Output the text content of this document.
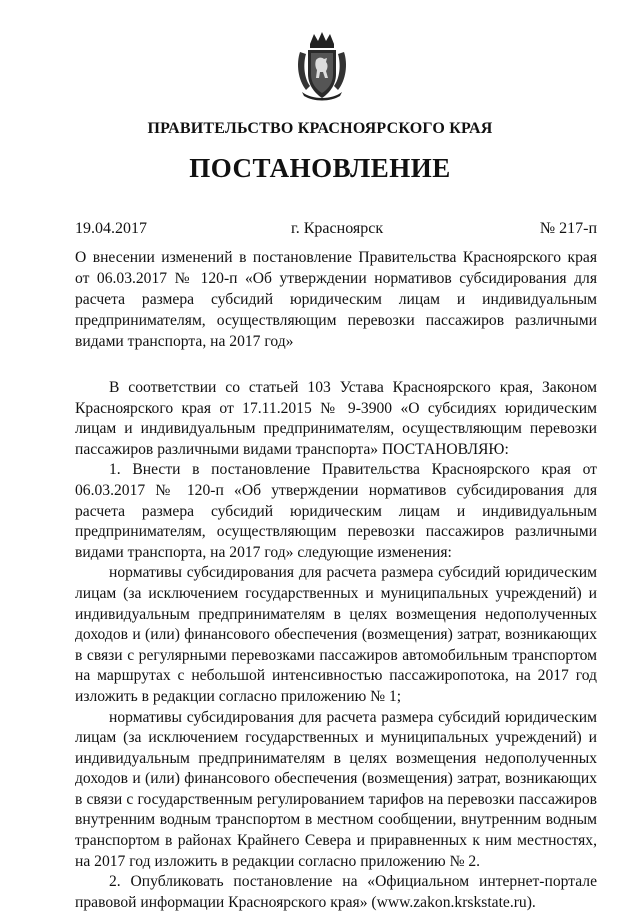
ПРАВИТЕЛЬСТВО КРАСНОЯРСКОГО КРАЯ
ПОСТАНОВЛЕНИЕ
19.04.2017	г. Красноярск	№ 217-п
О внесении изменений в постановление Правительства Красноярского края от 06.03.2017 № 120-п «Об утверждении нормативов субсидирования для расчета размера субсидий юридическим лицам и индивидуальным предпринимателям, осуществляющим перевозки пассажиров различными видами транспорта, на 2017 год»

В соответствии со статьей 103 Устава Красноярского края, Законом Красноярского края от 17.11.2015 № 9-3900 «О субсидиях юридическим лицам и индивидуальным предпринимателям, осуществляющим перевозки пассажиров различными видами транспорта» ПОСТАНОВЛЯЮ:

1. Внести в постановление Правительства Красноярского края от 06.03.2017 № 120-п «Об утверждении нормативов субсидирования для расчета размера субсидий юридическим лицам и индивидуальным предпринимателям, осуществляющим перевозки пассажиров различными видами транспорта, на 2017 год» следующие изменения:

нормативы субсидирования для расчета размера субсидий юридическим лицам (за исключением государственных и муниципальных учреждений) и индивидуальным предпринимателям в целях возмещения недополученных доходов и (или) финансового обеспечения (возмещения) затрат, возникающих в связи с регулярными перевозками пассажиров автомобильным транспортом на маршрутах с небольшой интенсивностью пассажиропотока, на 2017 год изложить в редакции согласно приложению № 1;

нормативы субсидирования для расчета размера субсидий юридическим лицам (за исключением государственных и муниципальных учреждений) и индивидуальным предпринимателям в целях возмещения недополученных доходов и (или) финансового обеспечения (возмещения) затрат, возникающих в связи с государственным регулированием тарифов на перевозки пассажиров внутренним водным транспортом в местном сообщении, внутренним водным транспортом в районах Крайнего Севера и приравненных к ним местностях, на 2017 год изложить в редакции согласно приложению № 2.

2. Опубликовать постановление на «Официальном интернет-портале правовой информации Красноярского края» (www.zakon.krskstate.ru).
